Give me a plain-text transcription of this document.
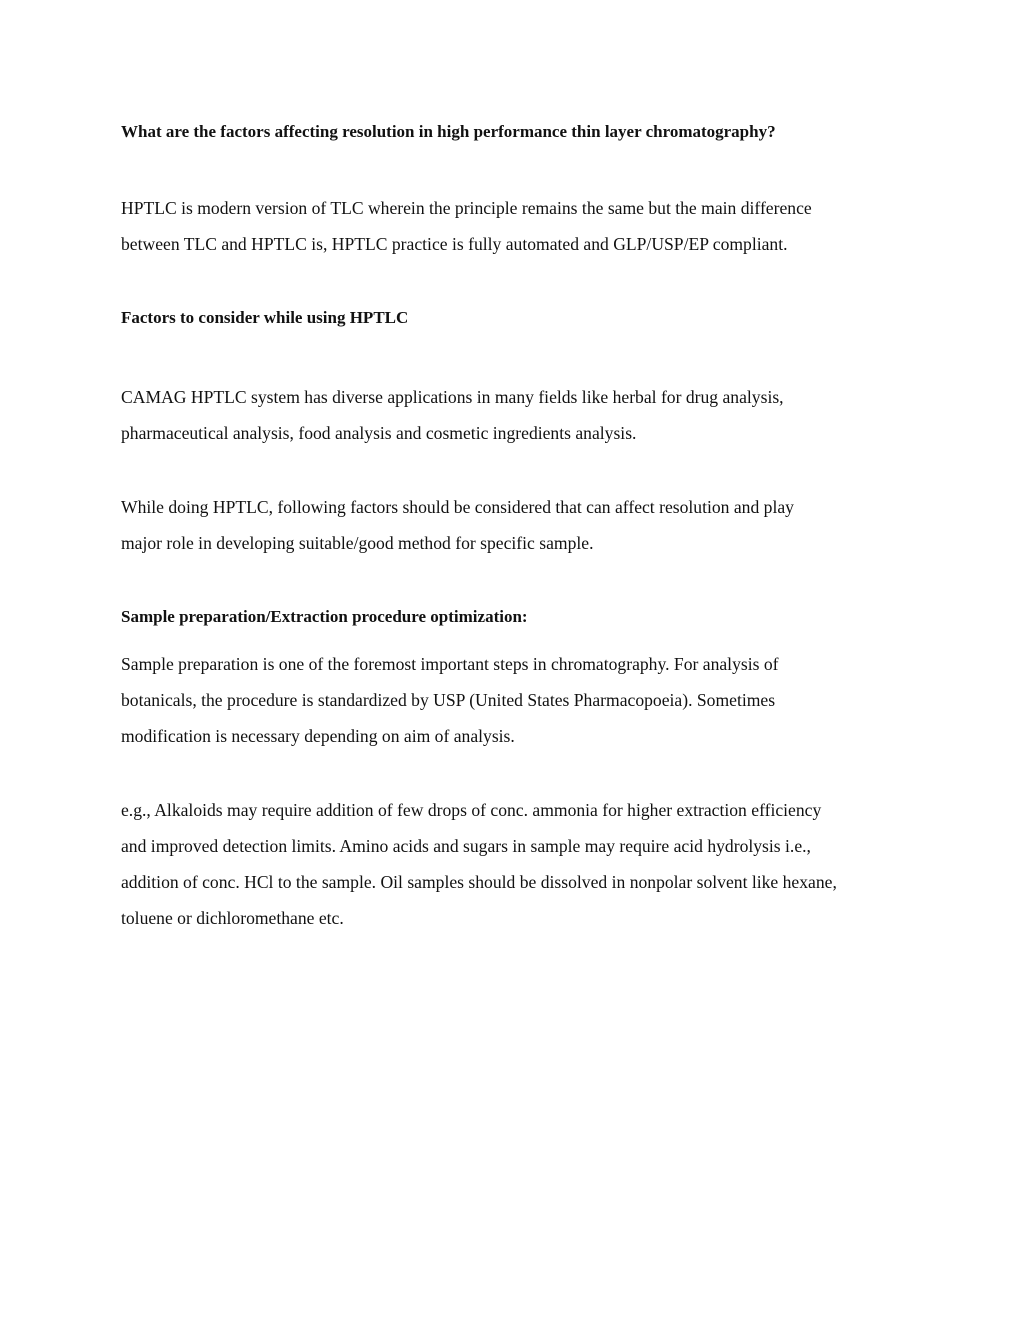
What are the factors affecting resolution in high performance thin layer chromatography?

HPTLC is modern version of TLC wherein the principle remains the same but the main difference
between TLC and HPTLC is, HPTLC practice is fully automated and GLP/USP/EP compliant.

Factors to consider while using HPTLC

CAMAG HPTLC system has diverse applications in many fields like herbal for drug analysis,
pharmaceutical analysis, food analysis and cosmetic ingredients analysis.

While doing HPTLC, following factors should be considered that can affect resolution and play
major role in developing suitable/good method for specific sample.

Sample preparation/Extraction procedure optimization:

Sample preparation is one of the foremost important steps in chromatography. For analysis of
botanicals, the procedure is standardized by USP (United States Pharmacopoeia). Sometimes
modification is necessary depending on aim of analysis.

e.g., Alkaloids may require addition of few drops of conc. ammonia for higher extraction efficiency
and improved detection limits. Amino acids and sugars in sample may require acid hydrolysis i.e.,
addition of conc. HCl to the sample. Oil samples should be dissolved in nonpolar solvent like hexane,
toluene or dichloromethane etc.
